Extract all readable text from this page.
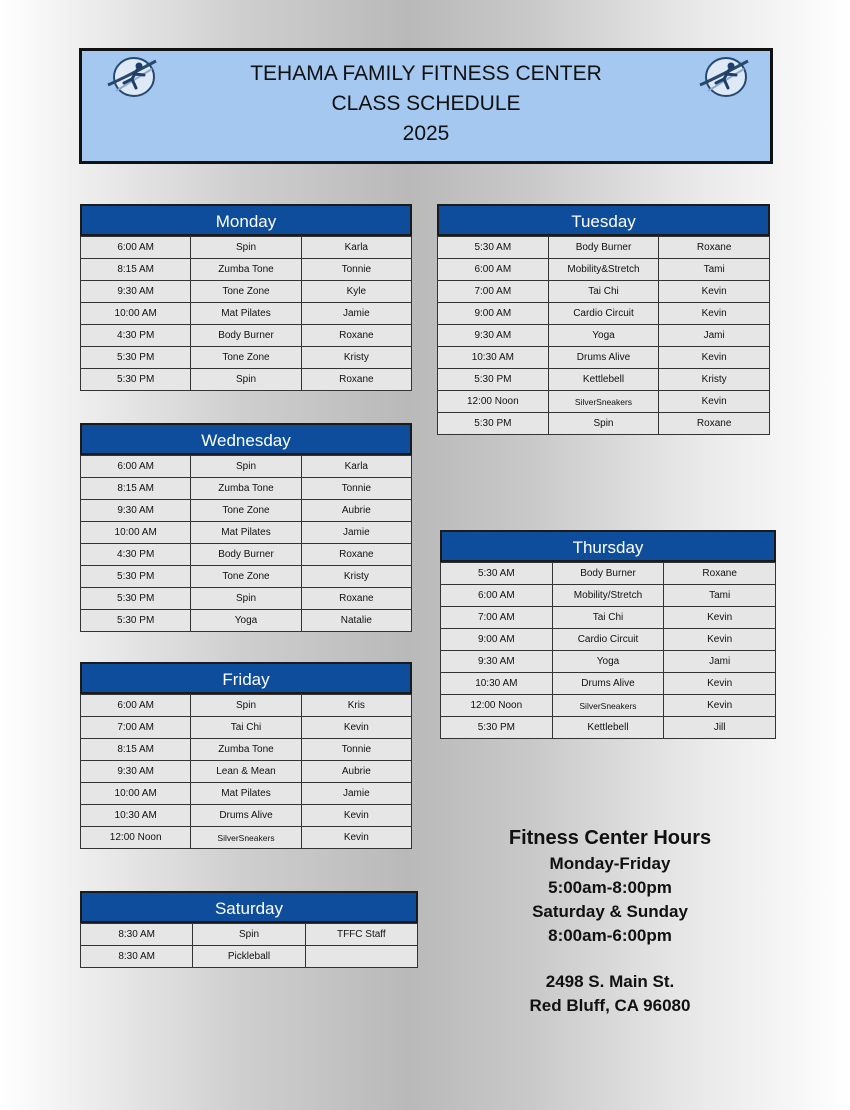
TEHAMA FAMILY FITNESS CENTER
CLASS SCHEDULE
2025
Monday
6:00 AM	Spin	Karla
8:15 AM	Zumba Tone	Tonnie
9:30 AM	Tone Zone	Kyle
10:00 AM	Mat Pilates	Jamie
4:30 PM	Body Burner	Roxane
5:30 PM	Tone Zone	Kristy
5:30 PM	Spin	Roxane
Tuesday
5:30 AM	Body Burner	Roxane
6:00 AM	Mobility&Stretch	Tami
7:00 AM	Tai Chi	Kevin
9:00 AM	Cardio Circuit	Kevin
9:30 AM	Yoga	Jami
10:30 AM	Drums Alive	Kevin
5:30 PM	Kettlebell	Kristy
12:00 Noon	SilverSneakers	Kevin
5:30 PM	Spin	Roxane
Wednesday
6:00 AM	Spin	Karla
8:15 AM	Zumba Tone	Tonnie
9:30 AM	Tone Zone	Aubrie
10:00 AM	Mat Pilates	Jamie
4:30 PM	Body Burner	Roxane
5:30 PM	Tone Zone	Kristy
5:30 PM	Spin	Roxane
5:30 PM	Yoga	Natalie
Thursday
5:30 AM	Body Burner	Roxane
6:00 AM	Mobility/Stretch	Tami
7:00 AM	Tai Chi	Kevin
9:00 AM	Cardio Circuit	Kevin
9:30 AM	Yoga	Jami
10:30 AM	Drums Alive	Kevin
12:00 Noon	SilverSneakers	Kevin
5:30 PM	Kettlebell	Jill
Friday
6:00 AM	Spin	Kris
7:00 AM	Tai Chi	Kevin
8:15 AM	Zumba Tone	Tonnie
9:30 AM	Lean & Mean	Aubrie
10:00 AM	Mat Pilates	Jamie
10:30 AM	Drums Alive	Kevin
12:00 Noon	SilverSneakers	Kevin
Saturday
8:30 AM	Spin	TFFC Staff
8:30 AM	Pickleball	
Fitness Center Hours
Monday-Friday
5:00am-8:00pm
Saturday & Sunday
8:00am-6:00pm
2498 S. Main St.
Red Bluff, CA 96080
